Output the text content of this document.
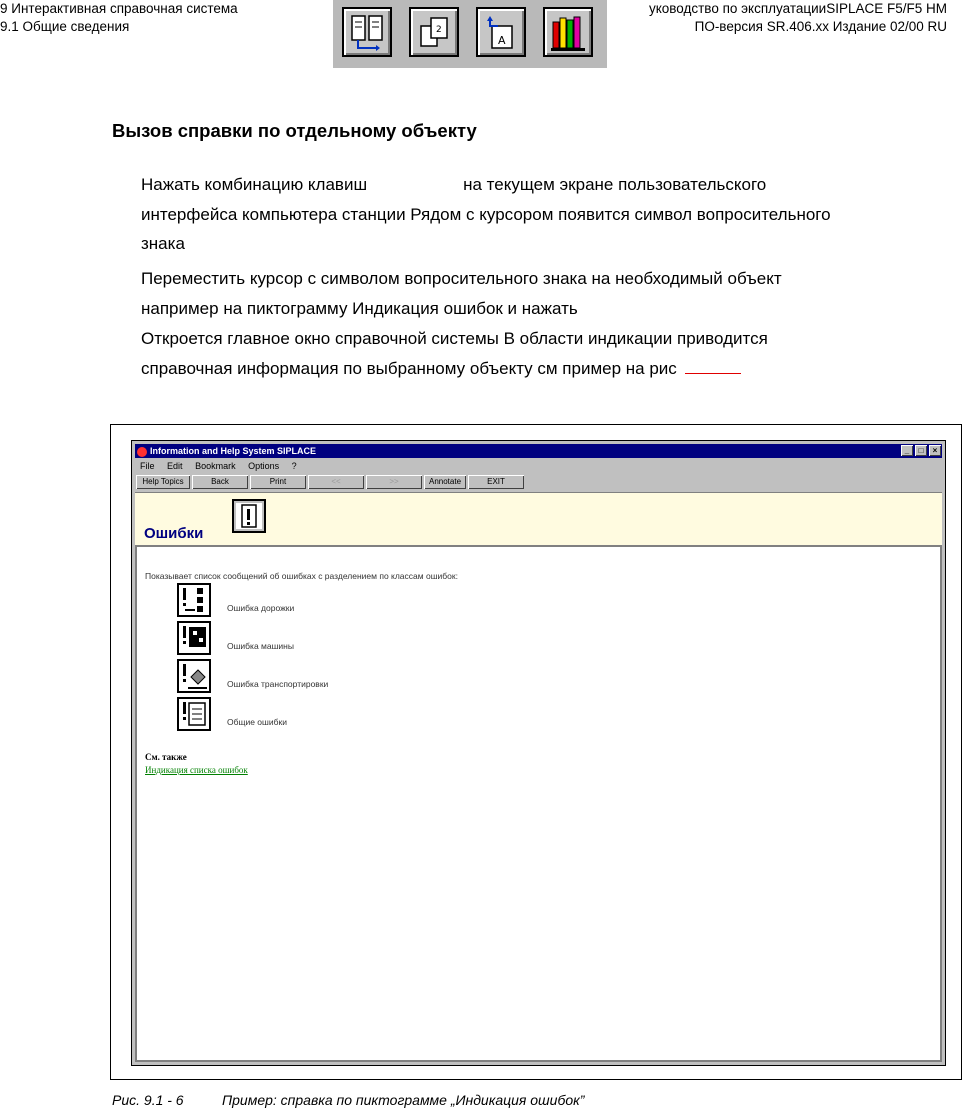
9 Интерактивная справочная система
9.1 Общие сведения
уководство по эксплуатацииSIPLACE F5/F5 HM
ПО-версия SR.406.xx Издание 02/00 RU
2
A
Вызов справки по отдельному объекту
Нажать комбинацию клавиш	на текущем экране пользовательского
интерфейса компьютера станции Рядом с курсором появится символ вопросительного
знака
Переместить курсор с символом вопросительного знака на необходимый объект
например на пиктограмму Индикация ошибок и нажать
Откроется главное окно справочной системы В области индикации приводится
справочная информация по выбранному объекту см пример на рис
Information and Help System SIPLACE	_	□	×
File Edit Bookmark Options ?
Help Topics	Back	Print	<<	>>	Annotate	EXIT
Ошибки
Показывает список сообщений об ошибках с разделением по классам ошибок:
Ошибка дорожки
Ошибка машины
Ошибка транспортировки
Общие ошибки
См. также
Индикация списка ошибок
Рис. 9.1 - 6	Пример: справка по пиктограмме „Индикация ошибок”
